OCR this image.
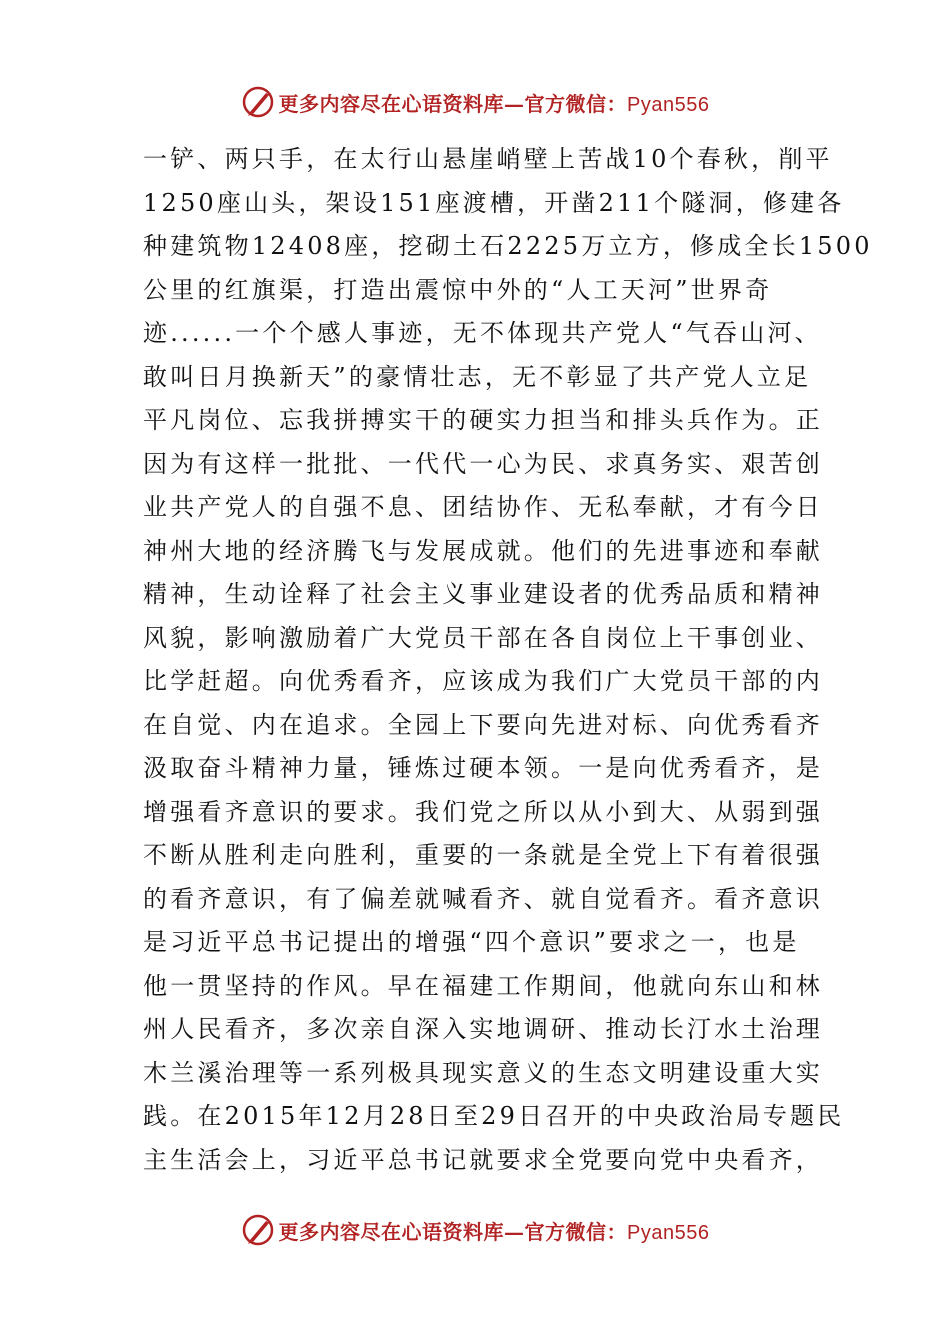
更多内容尽在心语资料库—官方微信：Pyan556
一铲、两只手，在太行山悬崖峭壁上苦战10个春秋，削平
1250座山头，架设151座渡槽，开凿211个隧洞，修建各
种建筑物12408座，挖砌土石2225万立方，修成全长1500
公里的红旗渠，打造出震惊中外的“人工天河”世界奇
迹......一个个感人事迹，无不体现共产党人“气吞山河、
敢叫日月换新天”的豪情壮志，无不彰显了共产党人立足
平凡岗位、忘我拼搏实干的硬实力担当和排头兵作为。正
因为有这样一批批、一代代一心为民、求真务实、艰苦创
业共产党人的自强不息、团结协作、无私奉献，才有今日
神州大地的经济腾飞与发展成就。他们的先进事迹和奉献
精神，生动诠释了社会主义事业建设者的优秀品质和精神
风貌，影响激励着广大党员干部在各自岗位上干事创业、
比学赶超。向优秀看齐，应该成为我们广大党员干部的内
在自觉、内在追求。全园上下要向先进对标、向优秀看齐
汲取奋斗精神力量，锤炼过硬本领。一是向优秀看齐，是
增强看齐意识的要求。我们党之所以从小到大、从弱到强
不断从胜利走向胜利，重要的一条就是全党上下有着很强
的看齐意识，有了偏差就喊看齐、就自觉看齐。看齐意识
是习近平总书记提出的增强“四个意识”要求之一，也是
他一贯坚持的作风。早在福建工作期间，他就向东山和林
州人民看齐，多次亲自深入实地调研、推动长汀水土治理
木兰溪治理等一系列极具现实意义的生态文明建设重大实
践。在2015年12月28日至29日召开的中央政治局专题民
主生活会上，习近平总书记就要求全党要向党中央看齐，
更多内容尽在心语资料库—官方微信：Pyan556
